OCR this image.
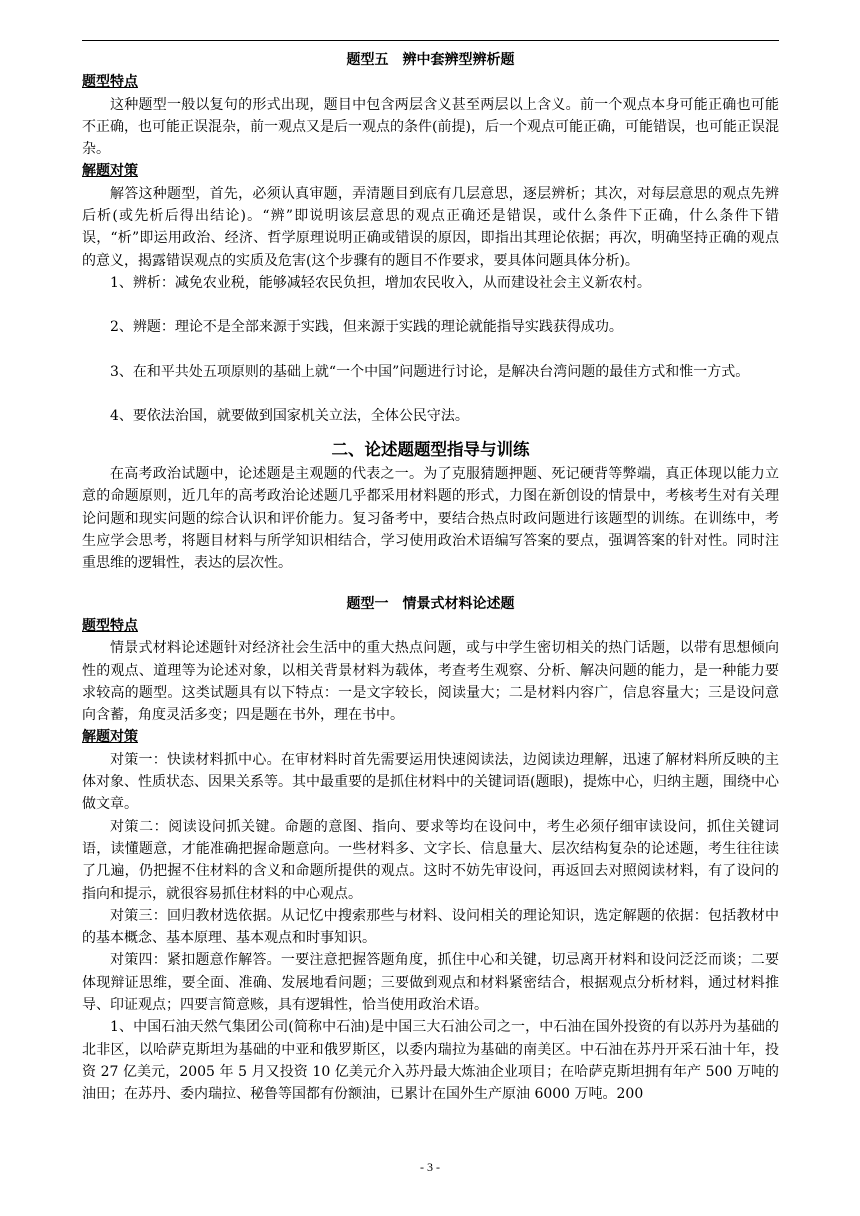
题型五　辨中套辨型辨析题
题型特点

这种题型一般以复句的形式出现，题目中包含两层含义甚至两层以上含义。前一个观点本身可能正确也可能不正确，也可能正误混杂，前一观点又是后一观点的条件(前提)，后一个观点可能正确，可能错误，也可能正误混杂。

解题对策

解答这种题型，首先，必须认真审题，弄清题目到底有几层意思，逐层辨析；其次，对每层意思的观点先辨后析(或先析后得出结论)。“辨”即说明该层意思的观点正确还是错误，或什么条件下正确，什么条件下错误，“析”即运用政治、经济、哲学原理说明正确或错误的原因，即指出其理论依据；再次，明确坚持正确的观点的意义，揭露错误观点的实质及危害(这个步骤有的题目不作要求，要具体问题具体分析)。

1、辨析：减免农业税，能够减轻农民负担，增加农民收入，从而建设社会主义新农村。

2、辨题：理论不是全部来源于实践，但来源于实践的理论就能指导实践获得成功。

3、在和平共处五项原则的基础上就“一个中国”问题进行讨论，是解决台湾问题的最佳方式和惟一方式。

4、要依法治国，就要做到国家机关立法，全体公民守法。

二、论述题题型指导与训练

在高考政治试题中，论述题是主观题的代表之一。为了克服猜题押题、死记硬背等弊端，真正体现以能力立意的命题原则，近几年的高考政治论述题几乎都采用材料题的形式，力图在新创设的情景中，考核考生对有关理论问题和现实问题的综合认识和评价能力。复习备考中，要结合热点时政问题进行该题型的训练。在训练中，考生应学会思考，将题目材料与所学知识相结合，学习使用政治术语编写答案的要点，强调答案的针对性。同时注重思维的逻辑性，表达的层次性。

题型一　情景式材料论述题
题型特点

情景式材料论述题针对经济社会生活中的重大热点问题，或与中学生密切相关的热门话题，以带有思想倾向性的观点、道理等为论述对象，以相关背景材料为载体，考查考生观察、分析、解决问题的能力，是一种能力要求较高的题型。这类试题具有以下特点：一是文字较长，阅读量大；二是材料内容广，信息容量大；三是设问意向含蓄，角度灵活多变；四是题在书外，理在书中。

解题对策

对策一：快读材料抓中心。在审材料时首先需要运用快速阅读法，边阅读边理解，迅速了解材料所反映的主体对象、性质状态、因果关系等。其中最重要的是抓住材料中的关键词语(题眼)，提炼中心，归纳主题，围绕中心做文章。

对策二：阅读设问抓关键。命题的意图、指向、要求等均在设问中，考生必须仔细审读设问，抓住关键词语，读懂题意，才能准确把握命题意向。一些材料多、文字长、信息量大、层次结构复杂的论述题，考生往往读了几遍，仍把握不住材料的含义和命题所提供的观点。这时不妨先审设问，再返回去对照阅读材料，有了设问的指向和提示，就很容易抓住材料的中心观点。

对策三：回归教材选依据。从记忆中搜索那些与材料、设问相关的理论知识，选定解题的依据：包括教材中的基本概念、基本原理、基本观点和时事知识。

对策四：紧扣题意作解答。一要注意把握答题角度，抓住中心和关键，切忌离开材料和设问泛泛而谈；二要体现辩证思维，要全面、准确、发展地看问题；三要做到观点和材料紧密结合，根据观点分析材料，通过材料推导、印证观点；四要言简意赅，具有逻辑性，恰当使用政治术语。

1、中国石油天然气集团公司(简称中石油)是中国三大石油公司之一，中石油在国外投资的有以苏丹为基础的北非区，以哈萨克斯坦为基础的中亚和俄罗斯区，以委内瑞拉为基础的南美区。中石油在苏丹开采石油十年，投资 27 亿美元，2005 年 5 月又投资 10 亿美元介入苏丹最大炼油企业项目；在哈萨克斯坦拥有年产 500 万吨的油田；在苏丹、委内瑞拉、秘鲁等国都有份额油，已累计在国外生产原油 6000 万吨。200

- 3 -
